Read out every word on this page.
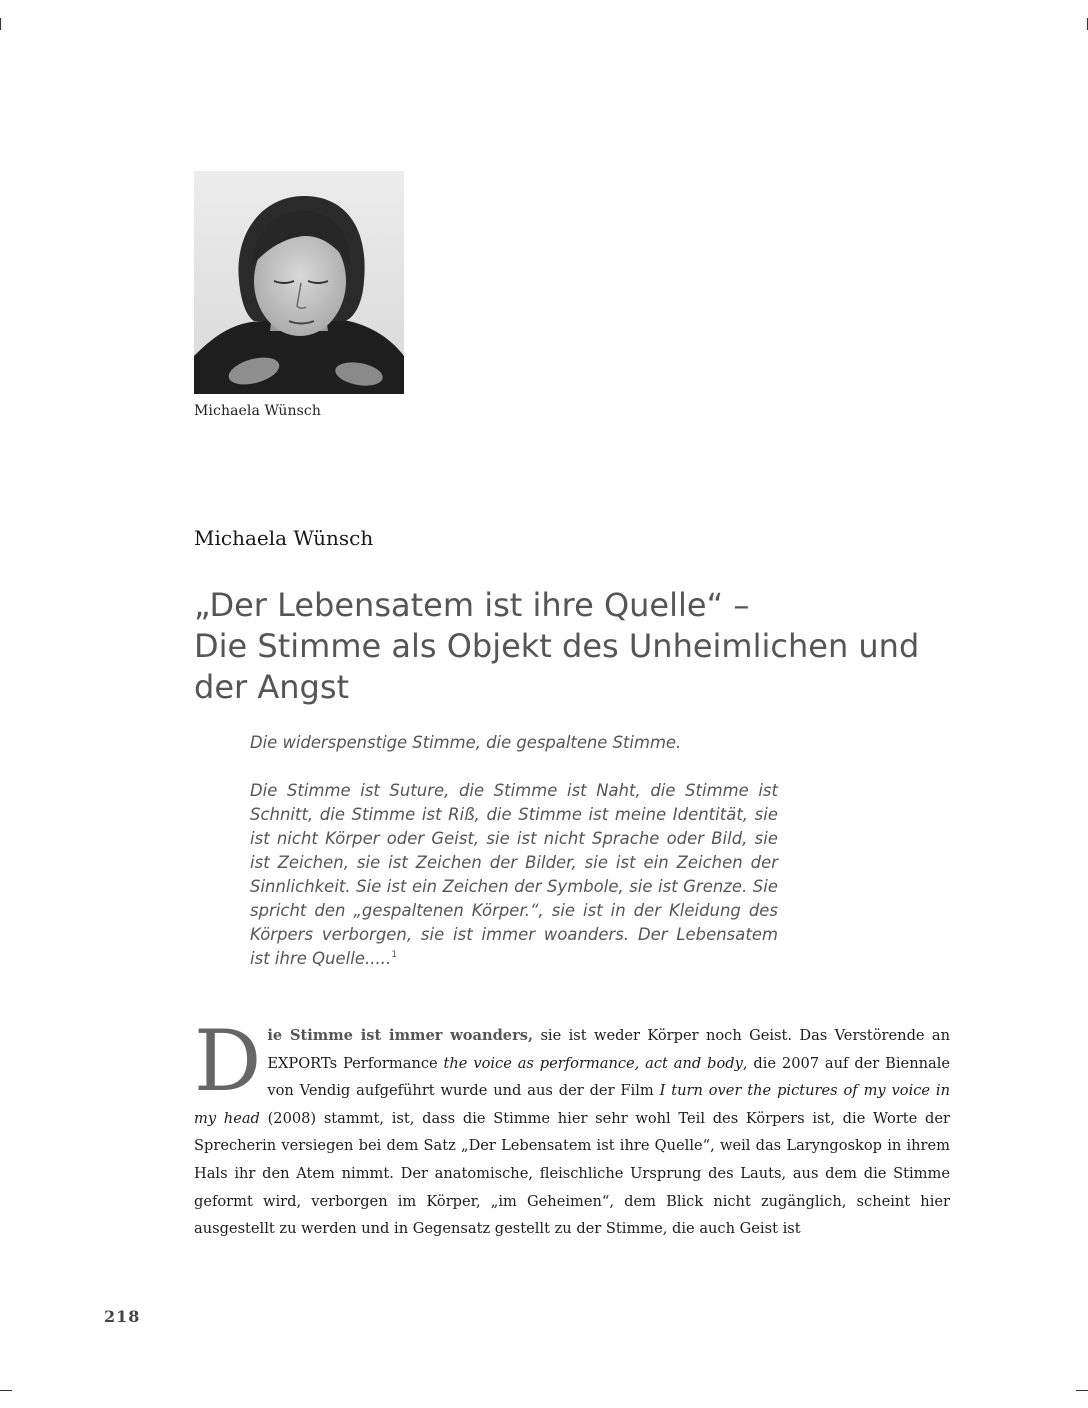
Michaela Wünsch
Michaela Wünsch
„Der Lebensatem ist ihre Quelle“ –
Die Stimme als Objekt des Unheimlichen und
der Angst

Die widerspenstige Stimme, die gespaltene Stimme.

Die Stimme ist Suture, die Stimme ist Naht, die Stimme ist Schnitt, die Stimme ist Riß, die Stimme ist meine Identität, sie ist nicht Körper oder Geist, sie ist nicht Sprache oder Bild, sie ist Zeichen, sie ist Zeichen der Bilder, sie ist ein Zeichen der Sinnlichkeit. Sie ist ein Zeichen der Symbole, sie ist Grenze. Sie spricht den „gespaltenen Körper.“, sie ist in der Kleidung des Körpers verborgen, sie ist immer woanders. Der Lebensatem ist ihre Quelle.....$^1$

Die Stimme ist immer woanders, sie ist weder Körper noch Geist. Das Verstörende an EXPORTs Performance the voice as performance, act and body, die 2007 auf der Biennale von Vendig aufgeführt wurde und aus der der Film I turn over the pictures of my voice in my head (2008) stammt, ist, dass die Stimme hier sehr wohl Teil des Körpers ist, die Worte der Sprecherin versiegen bei dem Satz „Der Lebensatem ist ihre Quelle“, weil das Laryngoskop in ihrem Hals ihr den Atem nimmt. Der anatomische, fleischliche Ursprung des Lauts, aus dem die Stimme geformt wird, verborgen im Körper, „im Geheimen“, dem Blick nicht zugänglich, scheint hier ausgestellt zu werden und in Gegensatz gestellt zu der Stimme, die auch Geist ist
218
